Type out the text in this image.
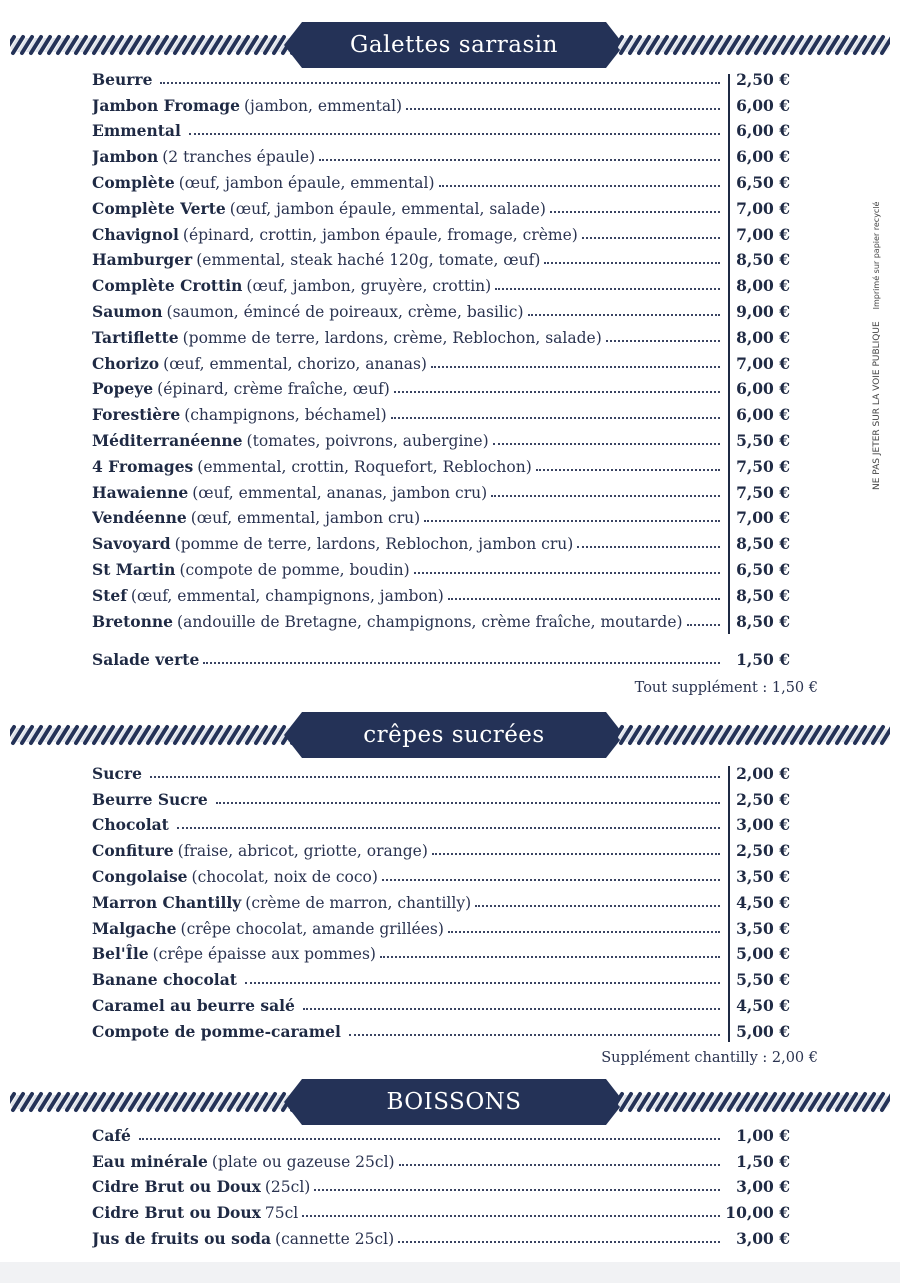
Galettes sarrasin
Beurre	2,50 €
Jambon Fromage (jambon, emmental)	6,00 €
Emmental	6,00 €
Jambon (2 tranches épaule)	6,00 €
Complète (œuf, jambon épaule, emmental)	6,50 €
Complète Verte (œuf, jambon épaule, emmental, salade)	7,00 €
Chavignol (épinard, crottin, jambon épaule, fromage, crème)	7,00 €
Hamburger (emmental, steak haché 120g, tomate, œuf)	8,50 €
Complète Crottin (œuf, jambon, gruyère, crottin)	8,00 €
Saumon (saumon, émincé de poireaux, crème, basilic)	9,00 €
Tartiflette (pomme de terre, lardons, crème, Reblochon, salade)	8,00 €
Chorizo (œuf, emmental, chorizo, ananas)	7,00 €
Popeye (épinard, crème fraîche, œuf)	6,00 €
Forestière (champignons, béchamel)	6,00 €
Méditerranéenne (tomates, poivrons, aubergine)	5,50 €
4 Fromages (emmental, crottin, Roquefort, Reblochon)	7,50 €
Hawaienne (œuf, emmental, ananas, jambon cru)	7,50 €
Vendéenne (œuf, emmental, jambon cru)	7,00 €
Savoyard (pomme de terre, lardons, Reblochon, jambon cru)	8,50 €
St Martin (compote de pomme, boudin)	6,50 €
Stef (œuf, emmental, champignons, jambon)	8,50 €
Bretonne (andouille de Bretagne, champignons, crème fraîche, moutarde)	8,50 €
Salade verte	1,50 €
Tout supplément : 1,50 €
crêpes sucrées
Sucre	2,00 €
Beurre Sucre	2,50 €
Chocolat	3,00 €
Confiture (fraise, abricot, griotte, orange)	2,50 €
Congolaise (chocolat, noix de coco)	3,50 €
Marron Chantilly (crème de marron, chantilly)	4,50 €
Malgache (crêpe chocolat, amande grillées)	3,50 €
Bel'Île (crêpe épaisse aux pommes)	5,00 €
Banane chocolat	5,50 €
Caramel au beurre salé	4,50 €
Compote de pomme-caramel	5,00 €
Supplément chantilly : 2,00 €
BOISSONS
Café	1,00 €
Eau minérale (plate ou gazeuse 25cl)	1,50 €
Cidre Brut ou Doux (25cl)	3,00 €
Cidre Brut ou Doux 75cl	10,00 €
Jus de fruits ou soda (cannette 25cl)	3,00 €
NE PAS JETER SUR LA VOIE PUBLIQUEImprimé sur papier recyclé
